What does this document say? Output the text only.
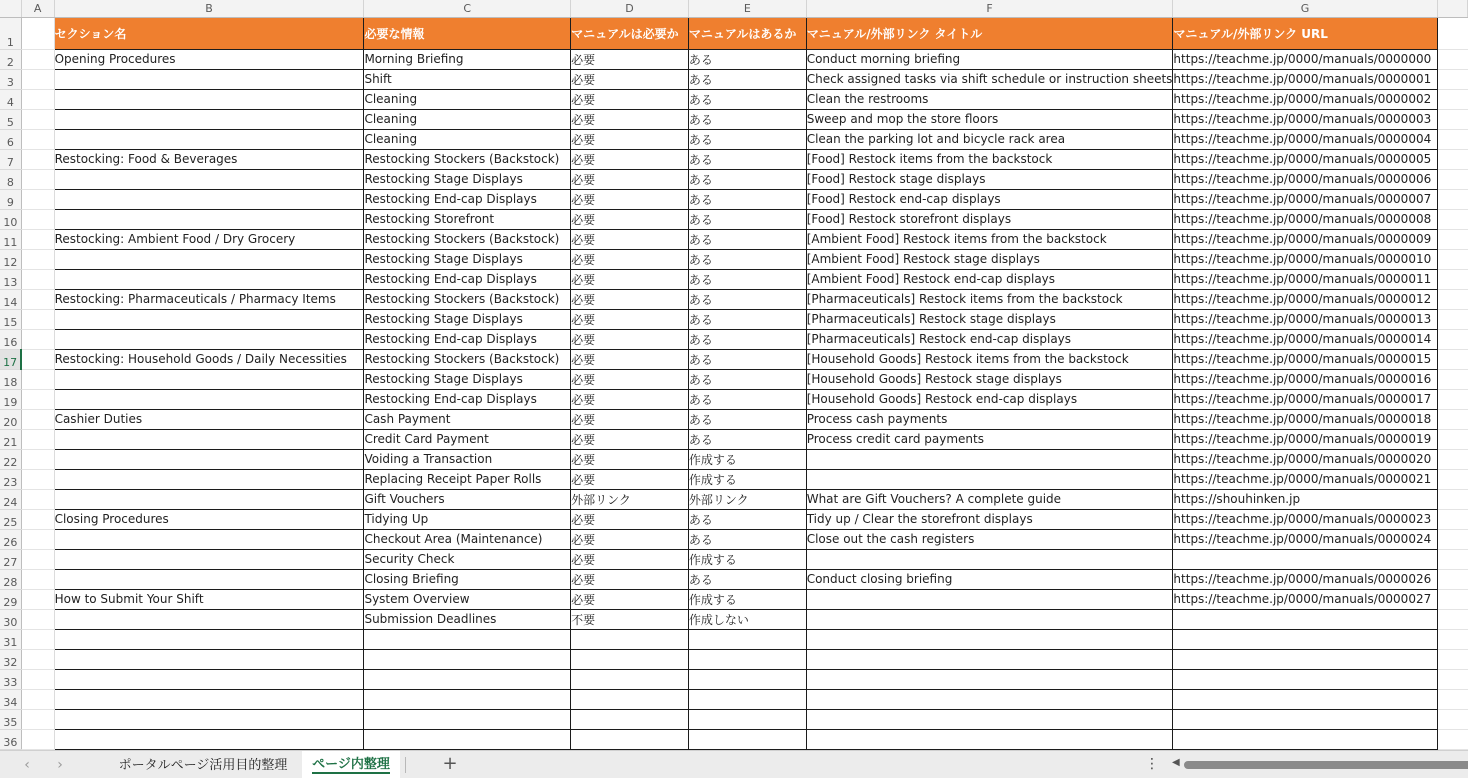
	A	B	C	D	E	F	G	
1		セクション名	必要な情報	マニュアルは必要か	マニュアルはあるか	マニュアル/外部リンク タイトル	マニュアル/外部リンク URL	
2		Opening Procedures	Morning Briefing	必要	ある	Conduct morning briefing	https://teachme.jp/0000/manuals/0000000	
3			Shift	必要	ある	Check assigned tasks via shift schedule or instruction sheets	https://teachme.jp/0000/manuals/0000001	
4			Cleaning	必要	ある	Clean the restrooms	https://teachme.jp/0000/manuals/0000002	
5			Cleaning	必要	ある	Sweep and mop the store floors	https://teachme.jp/0000/manuals/0000003	
6			Cleaning	必要	ある	Clean the parking lot and bicycle rack area	https://teachme.jp/0000/manuals/0000004	
7		Restocking: Food & Beverages	Restocking Stockers (Backstock)	必要	ある	[Food] Restock items from the backstock	https://teachme.jp/0000/manuals/0000005	
8			Restocking Stage Displays	必要	ある	[Food] Restock stage displays	https://teachme.jp/0000/manuals/0000006	
9			Restocking End-cap Displays	必要	ある	[Food] Restock end-cap displays	https://teachme.jp/0000/manuals/0000007	
10			Restocking Storefront	必要	ある	[Food] Restock storefront displays	https://teachme.jp/0000/manuals/0000008	
11		Restocking: Ambient Food / Dry Grocery	Restocking Stockers (Backstock)	必要	ある	[Ambient Food] Restock items from the backstock	https://teachme.jp/0000/manuals/0000009	
12			Restocking Stage Displays	必要	ある	[Ambient Food] Restock stage displays	https://teachme.jp/0000/manuals/0000010	
13			Restocking End-cap Displays	必要	ある	[Ambient Food] Restock end-cap displays	https://teachme.jp/0000/manuals/0000011	
14		Restocking: Pharmaceuticals / Pharmacy Items	Restocking Stockers (Backstock)	必要	ある	[Pharmaceuticals] Restock items from the backstock	https://teachme.jp/0000/manuals/0000012	
15			Restocking Stage Displays	必要	ある	[Pharmaceuticals] Restock stage displays	https://teachme.jp/0000/manuals/0000013	
16			Restocking End-cap Displays	必要	ある	[Pharmaceuticals] Restock end-cap displays	https://teachme.jp/0000/manuals/0000014	
17		Restocking: Household Goods / Daily Necessities	Restocking Stockers (Backstock)	必要	ある	[Household Goods] Restock items from the backstock	https://teachme.jp/0000/manuals/0000015	
18			Restocking Stage Displays	必要	ある	[Household Goods] Restock stage displays	https://teachme.jp/0000/manuals/0000016	
19			Restocking End-cap Displays	必要	ある	[Household Goods] Restock end-cap displays	https://teachme.jp/0000/manuals/0000017	
20		Cashier Duties	Cash Payment	必要	ある	Process cash payments	https://teachme.jp/0000/manuals/0000018	
21			Credit Card Payment	必要	ある	Process credit card payments	https://teachme.jp/0000/manuals/0000019	
22			Voiding a Transaction	必要	作成する		https://teachme.jp/0000/manuals/0000020	
23			Replacing Receipt Paper Rolls	必要	作成する		https://teachme.jp/0000/manuals/0000021	
24			Gift Vouchers	外部リンク	外部リンク	What are Gift Vouchers? A complete guide	https://shouhinken.jp	
25		Closing Procedures	Tidying Up	必要	ある	Tidy up / Clear the storefront displays	https://teachme.jp/0000/manuals/0000023	
26			Checkout Area (Maintenance)	必要	ある	Close out the cash registers	https://teachme.jp/0000/manuals/0000024	
27			Security Check	必要	作成する			
28			Closing Briefing	必要	ある	Conduct closing briefing	https://teachme.jp/0000/manuals/0000026	
29		How to Submit Your Shift	System Overview	必要	作成する		https://teachme.jp/0000/manuals/0000027	
30			Submission Deadlines	不要	作成しない			
31								
32								
33								
34								
35								
36								
‹	›	ポータルページ活用目的整理	ページ内整理	+	⋮ ◀
